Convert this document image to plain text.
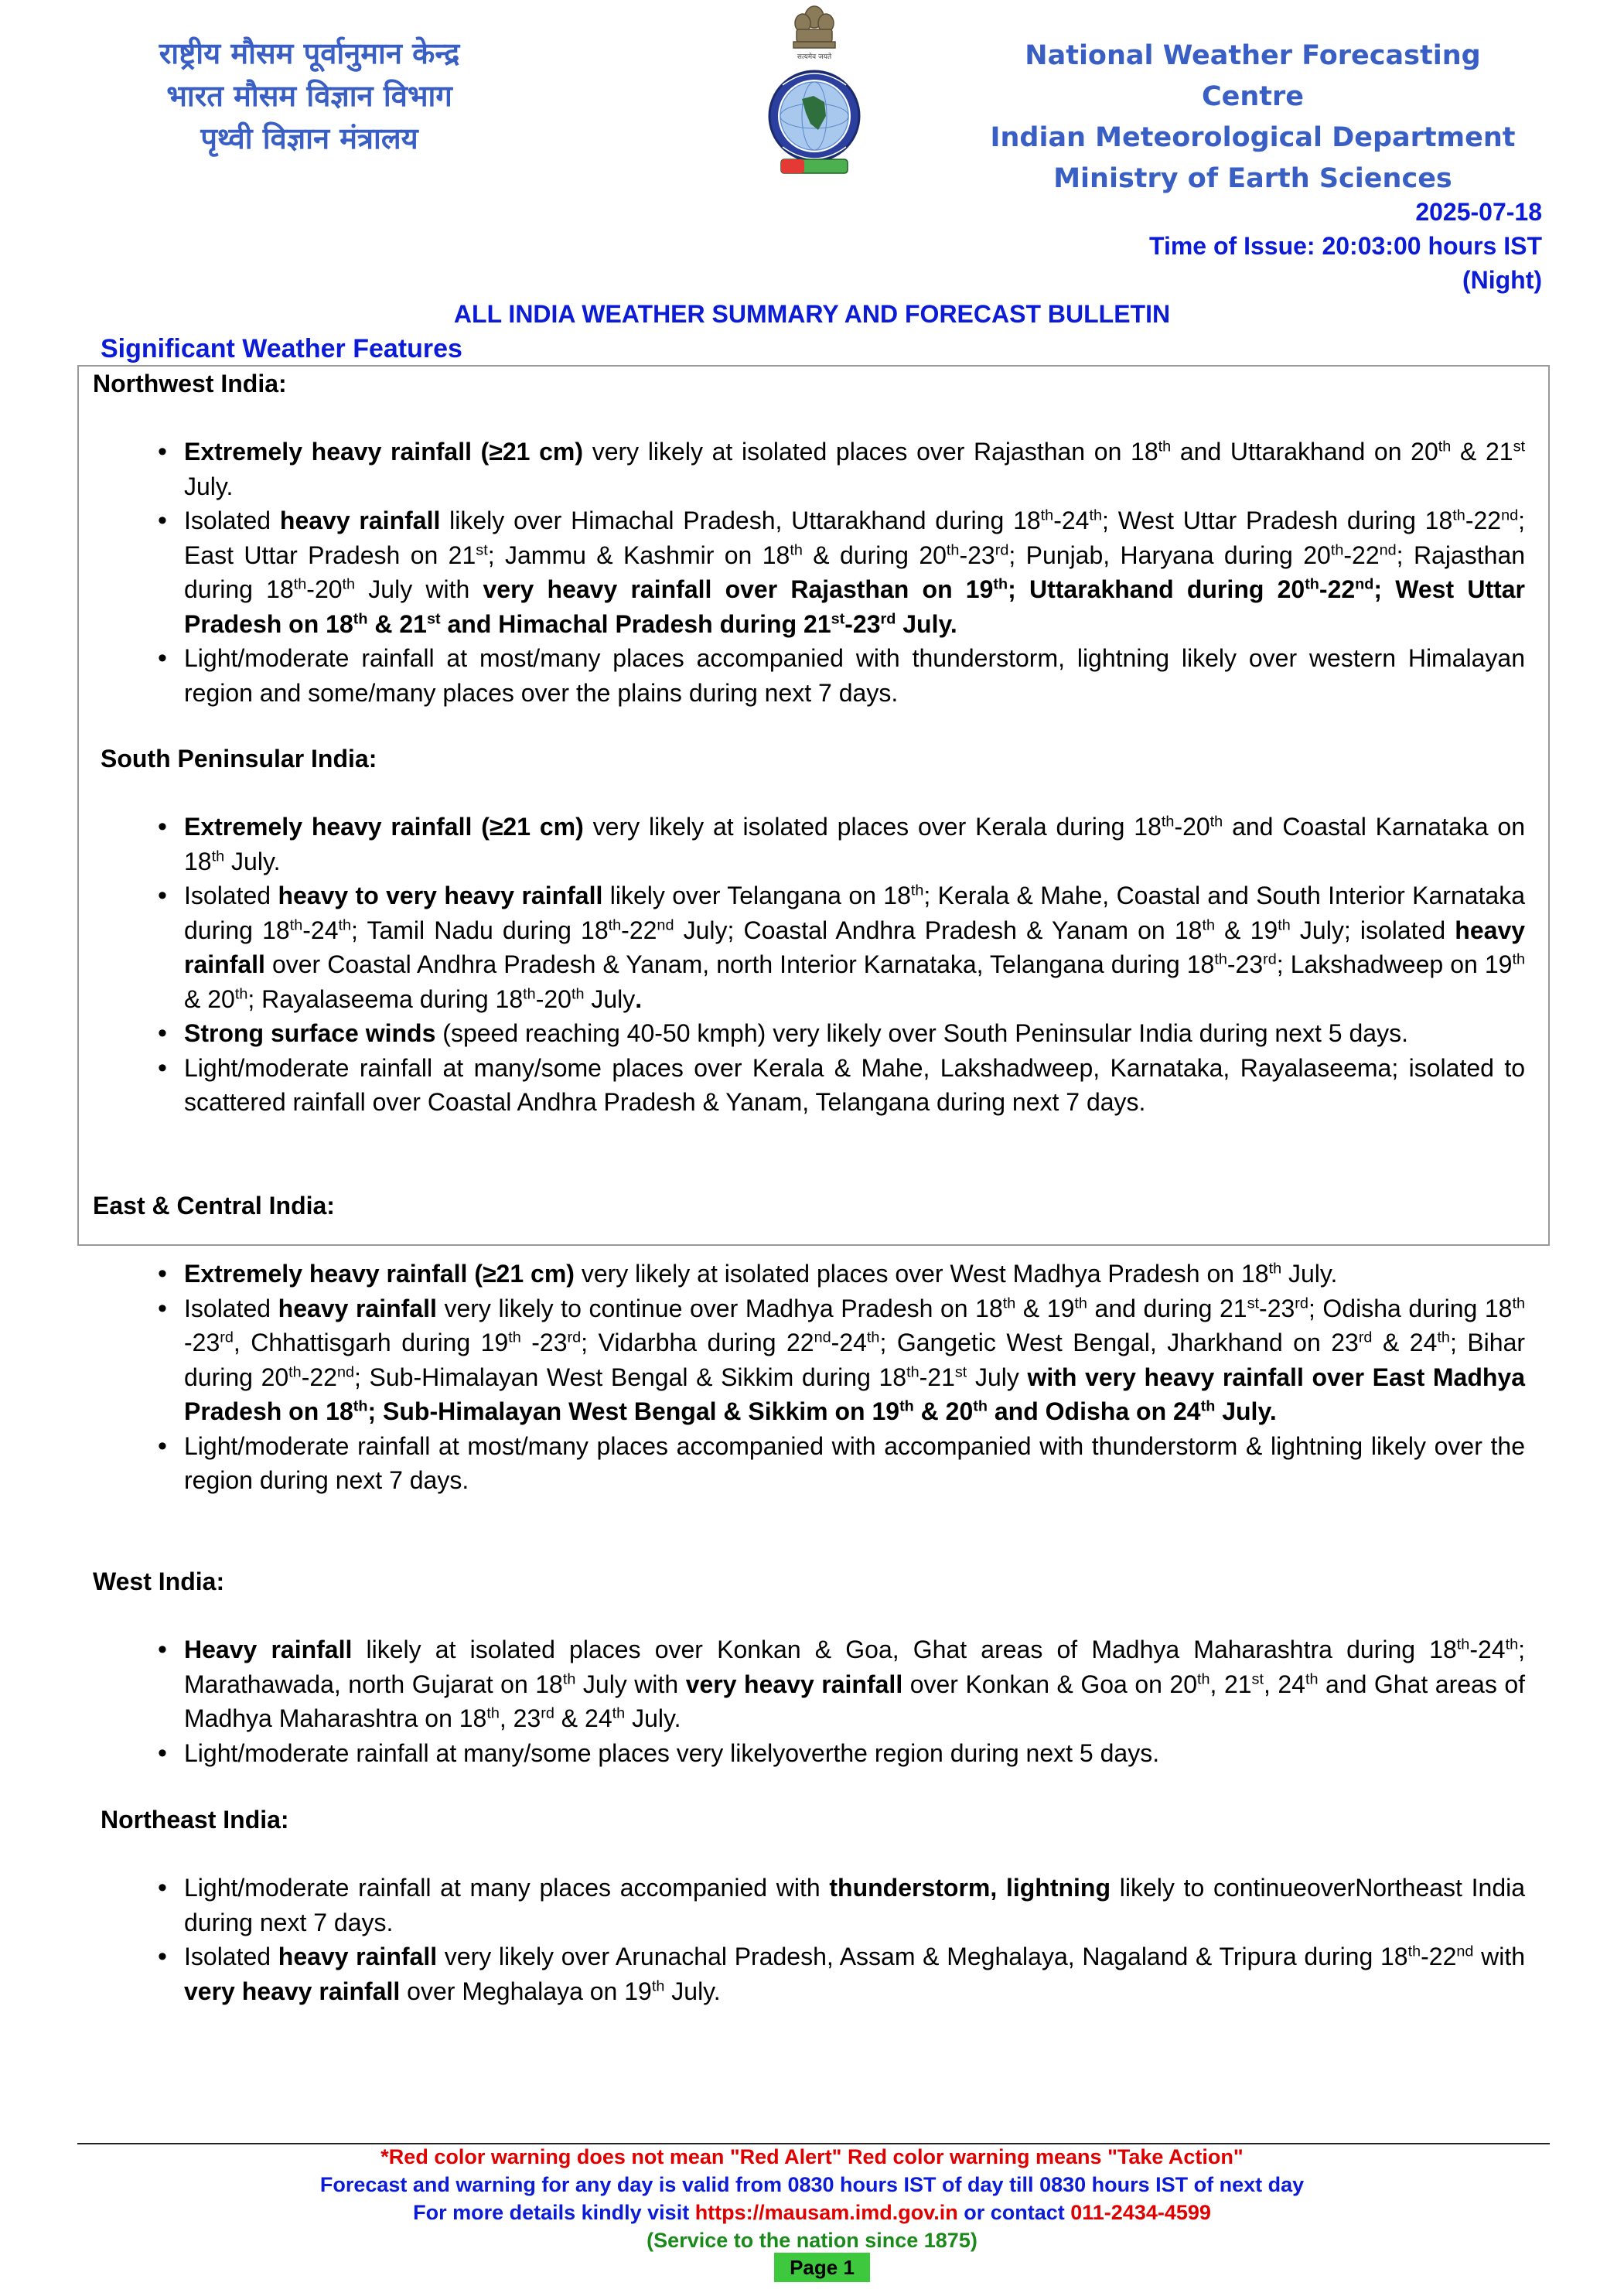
राष्ट्रीय मौसम पूर्वानुमान केन्द्र
भारत मौसम विज्ञान विभाग
पृथ्वी विज्ञान मंत्रालय
सत्यमेव जयते	National Weather Forecasting Centre
Indian Meteorological Department
Ministry of Earth Sciences
2025-07-18
Time of Issue: 20:03:00 hours IST
(Night)
ALL INDIA WEATHER SUMMARY AND FORECAST BULLETIN
Significant Weather Features
Northwest India:
• Extremely heavy rainfall (≥21 cm) very likely at isolated places over Rajasthan on 18th and Uttarakhand on 20th & 21st July.
• Isolated heavy rainfall likely over Himachal Pradesh, Uttarakhand during 18th-24th; West Uttar Pradesh during 18th-22nd; East Uttar Pradesh on 21st; Jammu & Kashmir on 18th & during 20th-23rd; Punjab, Haryana during 20th-22nd; Rajasthan during 18th-20th July with very heavy rainfall over Rajasthan on 19th; Uttarakhand during 20th-22nd; West Uttar Pradesh on 18th & 21st and Himachal Pradesh during 21st-23rd July.
• Light/moderate rainfall at most/many places accompanied with thunderstorm, lightning likely over western Himalayan region and some/many places over the plains during next 7 days.
South Peninsular India:
• Extremely heavy rainfall (≥21 cm) very likely at isolated places over Kerala during 18th-20th and Coastal Karnataka on 18th July.
• Isolated heavy to very heavy rainfall likely over Telangana on 18th; Kerala & Mahe, Coastal and South Interior Karnataka during 18th-24th; Tamil Nadu during 18th-22nd July; Coastal Andhra Pradesh & Yanam on 18th & 19th July; isolated heavy rainfall over Coastal Andhra Pradesh & Yanam, north Interior Karnataka, Telangana during 18th-23rd; Lakshadweep on 19th & 20th; Rayalaseema during 18th-20th July.
• Strong surface winds (speed reaching 40-50 kmph) very likely over South Peninsular India during next 5 days.
• Light/moderate rainfall at many/some places over Kerala & Mahe, Lakshadweep, Karnataka, Rayalaseema; isolated to scattered rainfall over Coastal Andhra Pradesh & Yanam, Telangana during next 7 days.
East & Central India:
• Extremely heavy rainfall (≥21 cm) very likely at isolated places over West Madhya Pradesh on 18th July.
• Isolated heavy rainfall very likely to continue over Madhya Pradesh on 18th & 19th and during 21st-23rd; Odisha during 18th -23rd, Chhattisgarh during 19th -23rd; Vidarbha during 22nd-24th; Gangetic West Bengal, Jharkhand on 23rd & 24th; Bihar during 20th-22nd; Sub-Himalayan West Bengal & Sikkim during 18th-21st July with very heavy rainfall over East Madhya Pradesh on 18th; Sub-Himalayan West Bengal & Sikkim on 19th & 20th and Odisha on 24th July.
• Light/moderate rainfall at most/many places accompanied with accompanied with thunderstorm & lightning likely over the region during next 7 days.
West India:
• Heavy rainfall likely at isolated places over Konkan & Goa, Ghat areas of Madhya Maharashtra during 18th-24th; Marathawada, north Gujarat on 18th July with very heavy rainfall over Konkan & Goa on 20th, 21st, 24th and Ghat areas of Madhya Maharashtra on 18th, 23rd & 24th July.
• Light/moderate rainfall at many/some places very likelyoverthe region during next 5 days.
Northeast India:
• Light/moderate rainfall at many places accompanied with thunderstorm, lightning likely to continueoverNortheast India during next 7 days.
• Isolated heavy rainfall very likely over Arunachal Pradesh, Assam & Meghalaya, Nagaland & Tripura during 18th-22nd with very heavy rainfall over Meghalaya on 19th July.
*Red color warning does not mean "Red Alert" Red color warning means "Take Action"
Forecast and warning for any day is valid from 0830 hours IST of day till 0830 hours IST of next day
For more details kindly visit https://mausam.imd.gov.in or contact 011-2434-4599
(Service to the nation since 1875)
Page 1
